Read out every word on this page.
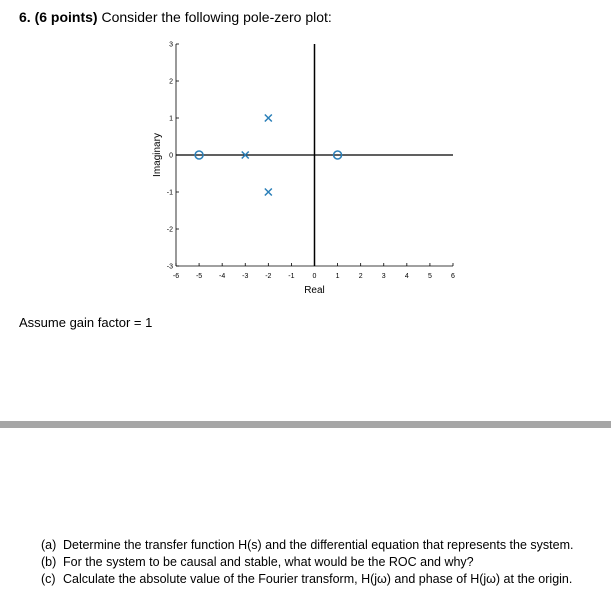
6. (6 points) Consider the following pole-zero plot:
-3
-2
-1
0
1
2
3
-6 -5 -4 -3 -2 -1	0	1	2	3	4	5	6
Real
Imaginary
Assume gain factor = 1
(a) Determine the transfer function H(s) and the differential equation that represents the system.
(b) For the system to be causal and stable, what would be the ROC and why?
(c) Calculate the absolute value of the Fourier transform, H(jω) and phase of H(jω) at the origin.
